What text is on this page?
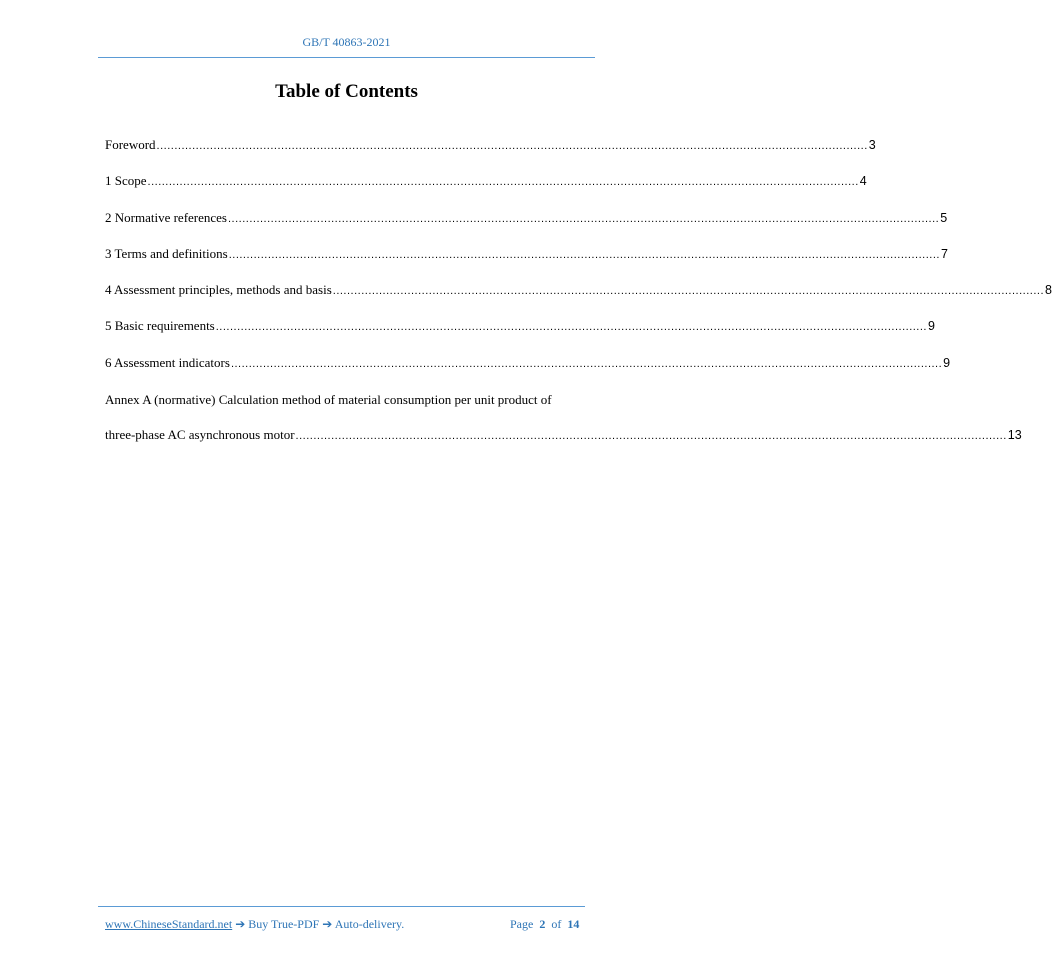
GB/T 40863-2021
Table of Contents
Foreword ........................................................................................................................................................................................................ 3
1 Scope ........................................................................................................................................................................................................ 4
2 Normative references ........................................................................................................................................................................................................ 5
3 Terms and definitions ........................................................................................................................................................................................................ 7
4 Assessment principles, methods and basis ........................................................................................................................................................................................................ 8
5 Basic requirements ........................................................................................................................................................................................................ 9
6 Assessment indicators ........................................................................................................................................................................................................ 9
Annex A (normative) Calculation method of material consumption per unit product of
three-phase AC asynchronous motor ........................................................................................................................................................................................................ 13
www.ChineseStandard.net ➔ Buy True-PDF ➔ Auto-delivery.	Page 2 of 14
